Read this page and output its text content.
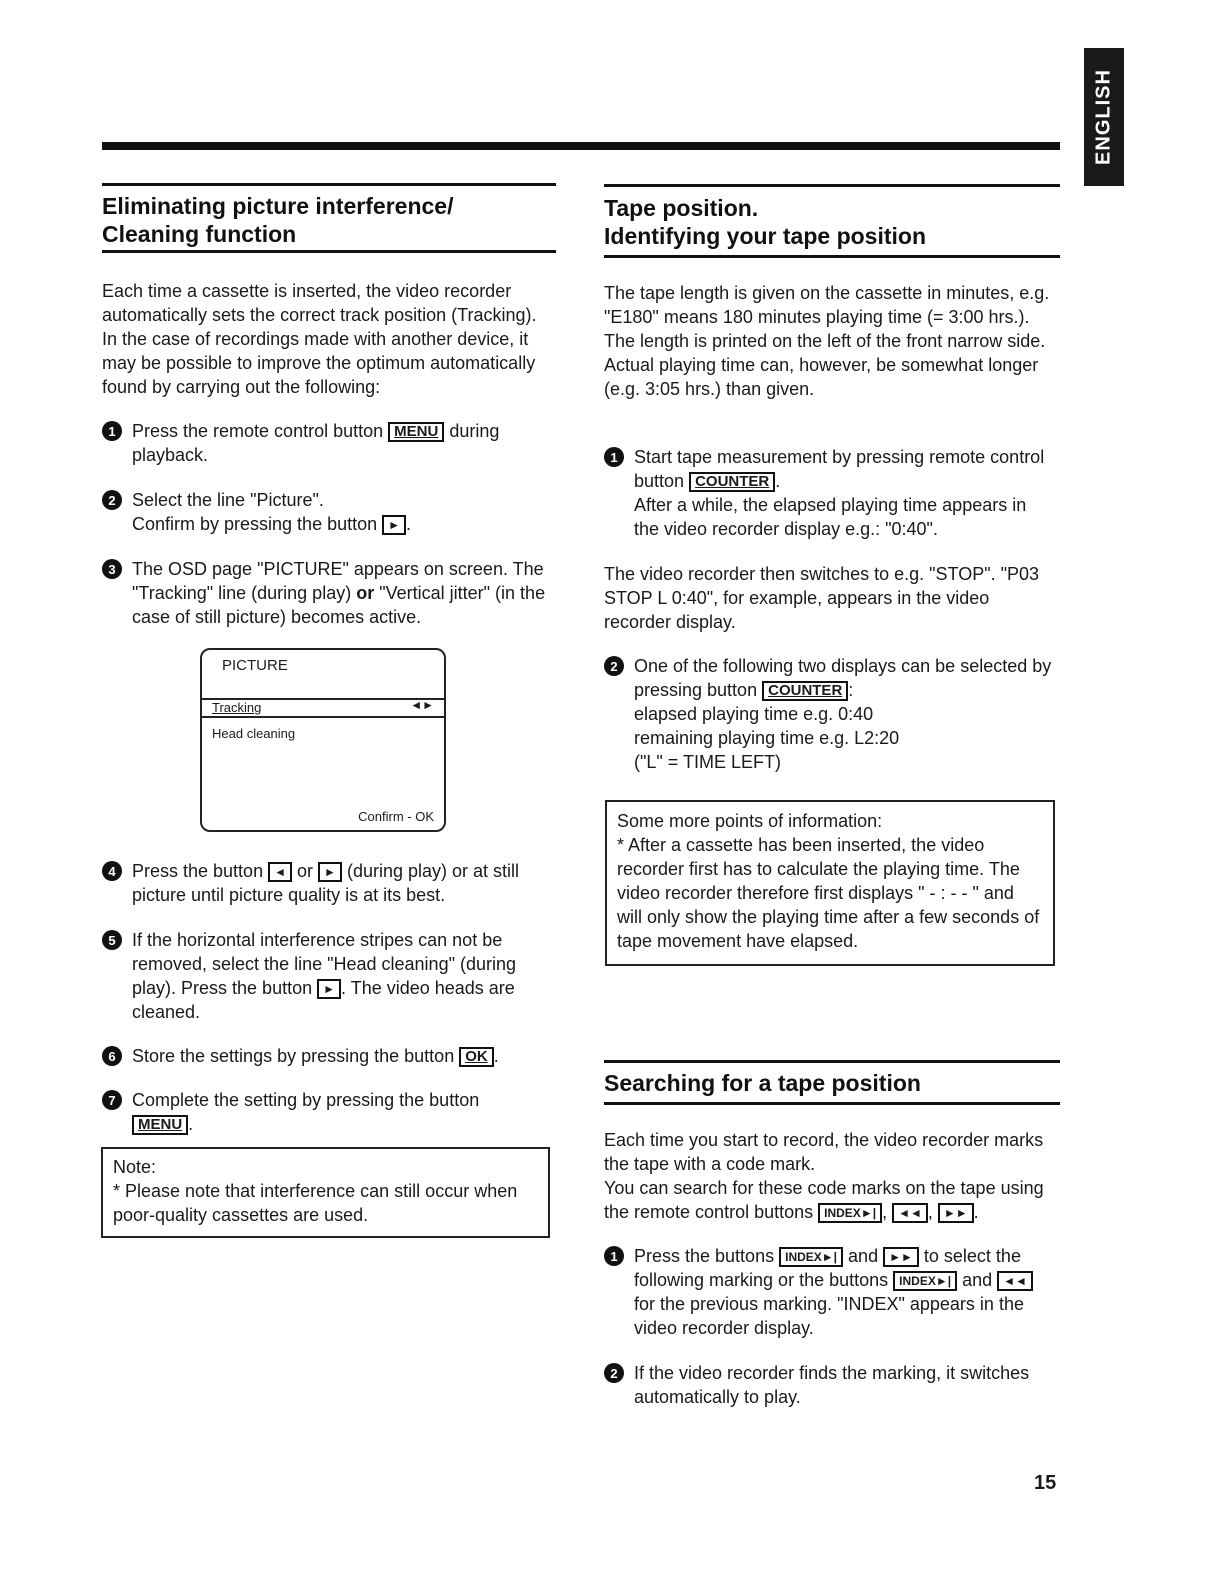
ENGLISH
Eliminating picture interference/
Cleaning function

Each time a cassette is inserted, the video recorder automatically sets the correct track position (Tracking). In the case of recordings made with another device, it may be possible to improve the optimum automatically found by carrying out the following:

1 Press the remote control button MENU during playback.
2 Select the line "Picture".
Confirm by pressing the button ► .
3 The OSD page "PICTURE" appears on screen. The "Tracking" line (during play) or "Vertical jitter" (in the case of still picture) becomes active.
PICTURE
Tracking	◄►
Head cleaning
Confirm - OK
4 Press the button ◄ or ► (during play) or at still picture until picture quality is at its best.
5 If the horizontal interference stripes can not be removed, select the line "Head cleaning" (during play). Press the button ► . The video heads are cleaned.
6 Store the settings by pressing the button OK .
7 Complete the setting by pressing the button
MENU .

Note:

* Please note that interference can still occur when poor-quality cassettes are used.

Tape position.
Identifying your tape position

The tape length is given on the cassette in minutes, e.g. "E180" means 180 minutes playing time (= 3:00 hrs.).

The length is printed on the left of the front narrow side. Actual playing time can, however, be somewhat longer (e.g. 3:05 hrs.) than given.

1 Start tape measurement by pressing remote control button COUNTER .
After a while, the elapsed playing time appears in the video recorder display e.g.: "0:40".

The video recorder then switches to e.g. "STOP". "P03 STOP L 0:40", for example, appears in the video recorder display.

2 One of the following two displays can be selected by pressing button COUNTER :
elapsed playing time e.g. 0:40
remaining playing time e.g. L2:20
("L" = TIME LEFT)

Some more points of information:

* After a cassette has been inserted, the video recorder first has to calculate the playing time. The video recorder therefore first displays " - : - - " and will only show the playing time after a few seconds of tape movement have elapsed.

Searching for a tape position

Each time you start to record, the video recorder marks the tape with a code mark.

You can search for these code marks on the tape using the remote control buttons INDEX►| , ◄◄ , ►► .

1 Press the buttons INDEX►| and ►► to select the following marking or the buttons INDEX►| and ◄◄ for the previous marking. "INDEX" appears in the video recorder display.
2 If the video recorder finds the marking, it switches automatically to play.
15
